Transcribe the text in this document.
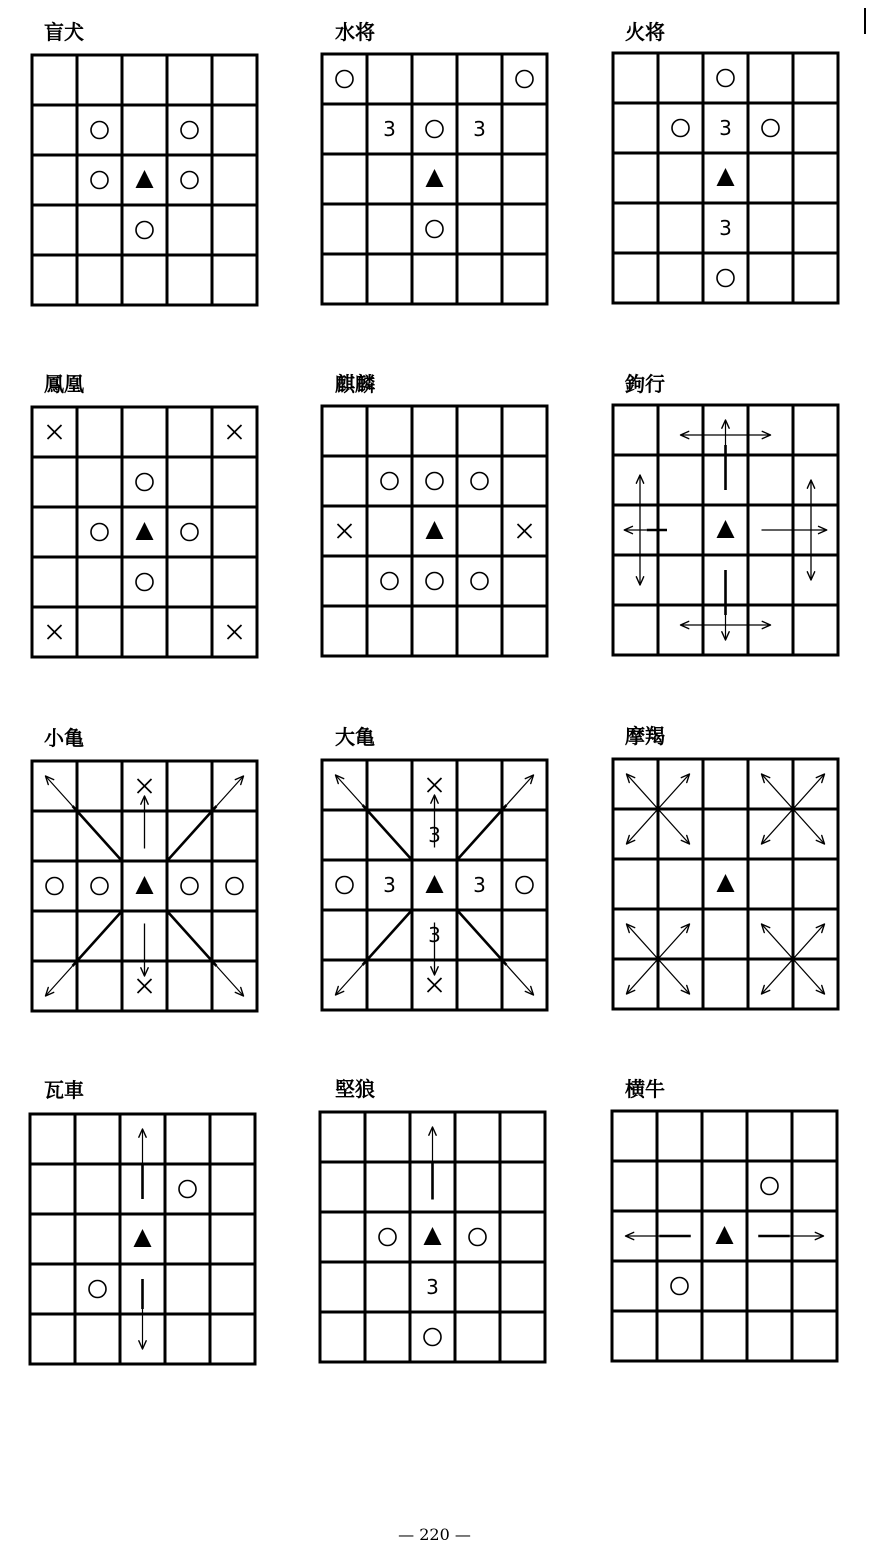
盲犬	水将
3	3
火将
3
3
鳳凰	麒麟	鉤行
小亀	大亀
3
3	3
3
摩羯
瓦車	堅狼
3
横牛
— 220 —
